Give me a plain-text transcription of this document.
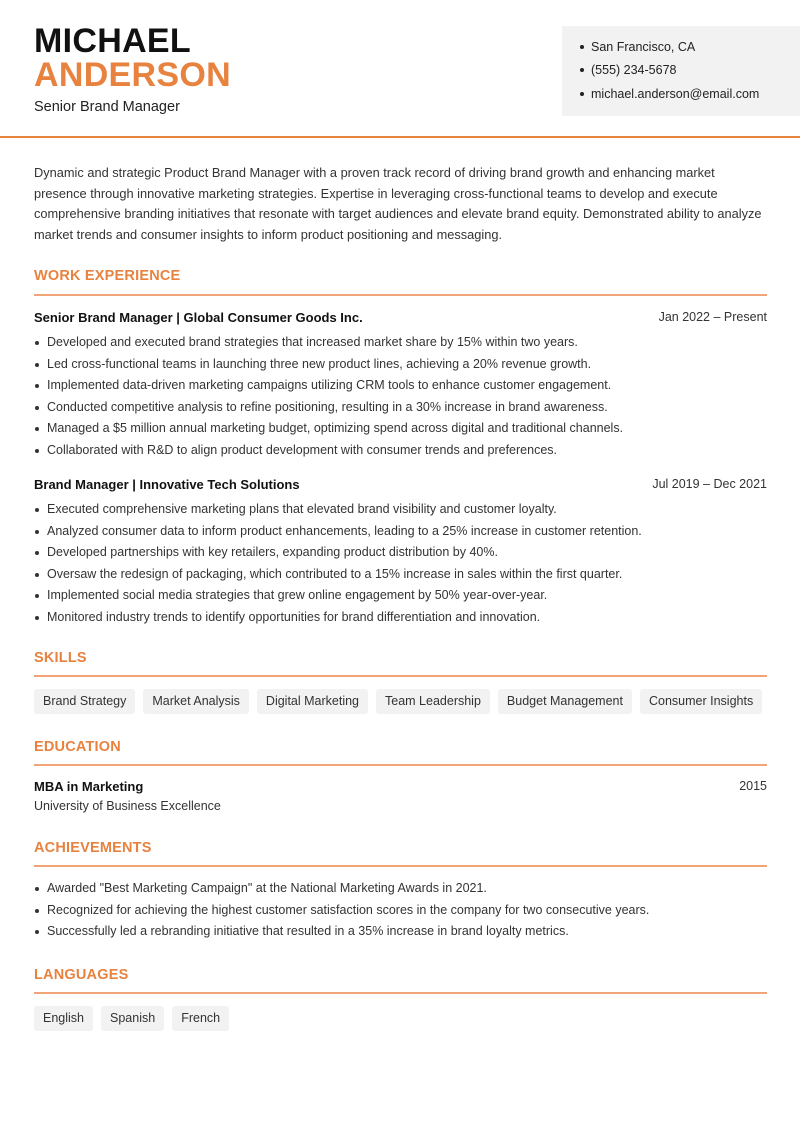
MICHAEL
ANDERSON
Senior Brand Manager
San Francisco, CA
(555) 234-5678
michael.anderson@email.com

Dynamic and strategic Product Brand Manager with a proven track record of driving brand growth and enhancing market presence through innovative marketing strategies. Expertise in leveraging cross-functional teams to develop and execute comprehensive branding initiatives that resonate with target audiences and elevate brand equity. Demonstrated ability to analyze market trends and consumer insights to inform product positioning and messaging.

WORK EXPERIENCE
Senior Brand Manager | Global Consumer Goods Inc.	Jan 2022 – Present
Developed and executed brand strategies that increased market share by 15% within two years.
Led cross-functional teams in launching three new product lines, achieving a 20% revenue growth.
Implemented data-driven marketing campaigns utilizing CRM tools to enhance customer engagement.
Conducted competitive analysis to refine positioning, resulting in a 30% increase in brand awareness.
Managed a $5 million annual marketing budget, optimizing spend across digital and traditional channels.
Collaborated with R&D to align product development with consumer trends and preferences.
Brand Manager | Innovative Tech Solutions	Jul 2019 – Dec 2021
Executed comprehensive marketing plans that elevated brand visibility and customer loyalty.
Analyzed consumer data to inform product enhancements, leading to a 25% increase in customer retention.
Developed partnerships with key retailers, expanding product distribution by 40%.
Oversaw the redesign of packaging, which contributed to a 15% increase in sales within the first quarter.
Implemented social media strategies that grew online engagement by 50% year-over-year.
Monitored industry trends to identify opportunities for brand differentiation and innovation.
SKILLS
Brand Strategy	Market Analysis	Digital Marketing	Team Leadership	Budget Management	Consumer Insights
EDUCATION
MBA in Marketing	2015
University of Business Excellence
ACHIEVEMENTS
Awarded "Best Marketing Campaign" at the National Marketing Awards in 2021.
Recognized for achieving the highest customer satisfaction scores in the company for two consecutive years.
Successfully led a rebranding initiative that resulted in a 35% increase in brand loyalty metrics.
LANGUAGES
English	Spanish	French
